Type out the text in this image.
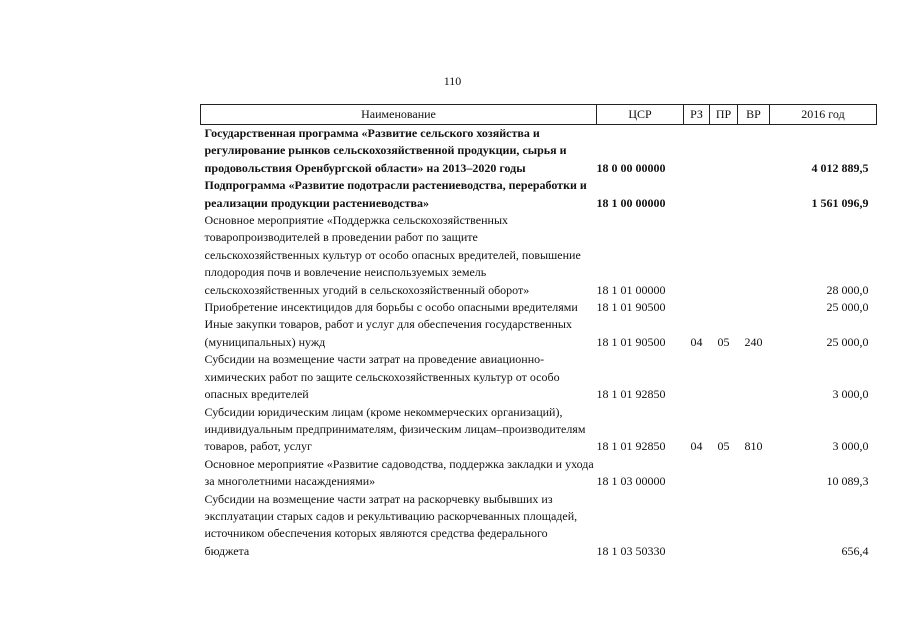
110
Наименование	ЦСР	РЗ	ПР	ВР	2016 год
Государственная программа «Развитие сельского хозяйства и регулирование рынков сельскохозяйственной продукции, сырья и продовольствия Оренбургской области» на 2013–2020 годы	18 0 00 00000				4 012 889,5
Подпрограмма «Развитие подотрасли растениеводства, переработки и реализации продукции растениеводства»	18 1 00 00000				1 561 096,9
Основное мероприятие «Поддержка сельскохозяйственных товаропроизводителей в проведении работ по защите сельскохозяйственных культур от особо опасных вредителей, повышение плодородия почв и вовлечение неиспользуемых земель сельскохозяйственных угодий в сельскохозяйственный оборот»	18 1 01 00000				28 000,0
Приобретение инсектицидов для борьбы с особо опасными вредителями	18 1 01 90500				25 000,0
Иные закупки товаров, работ и услуг для обеспечения государственных (муниципальных) нужд	18 1 01 90500	04	05	240	25 000,0
Субсидии на возмещение части затрат на проведение авиационно-химических работ по защите сельскохозяйственных культур от особо опасных вредителей	18 1 01 92850				3 000,0
Субсидии юридическим лицам (кроме некоммерческих организаций), индивидуальным предпринимателям, физическим лицам–производителям товаров, работ, услуг	18 1 01 92850	04	05	810	3 000,0
Основное мероприятие «Развитие садоводства, поддержка закладки и ухода за многолетними насаждениями»	18 1 03 00000				10 089,3
Субсидии на возмещение части затрат на раскорчевку выбывших из эксплуатации старых садов и рекультивацию раскорчеванных площадей, источником обеспечения которых являются средства федерального бюджета	18 1 03 50330				656,4
